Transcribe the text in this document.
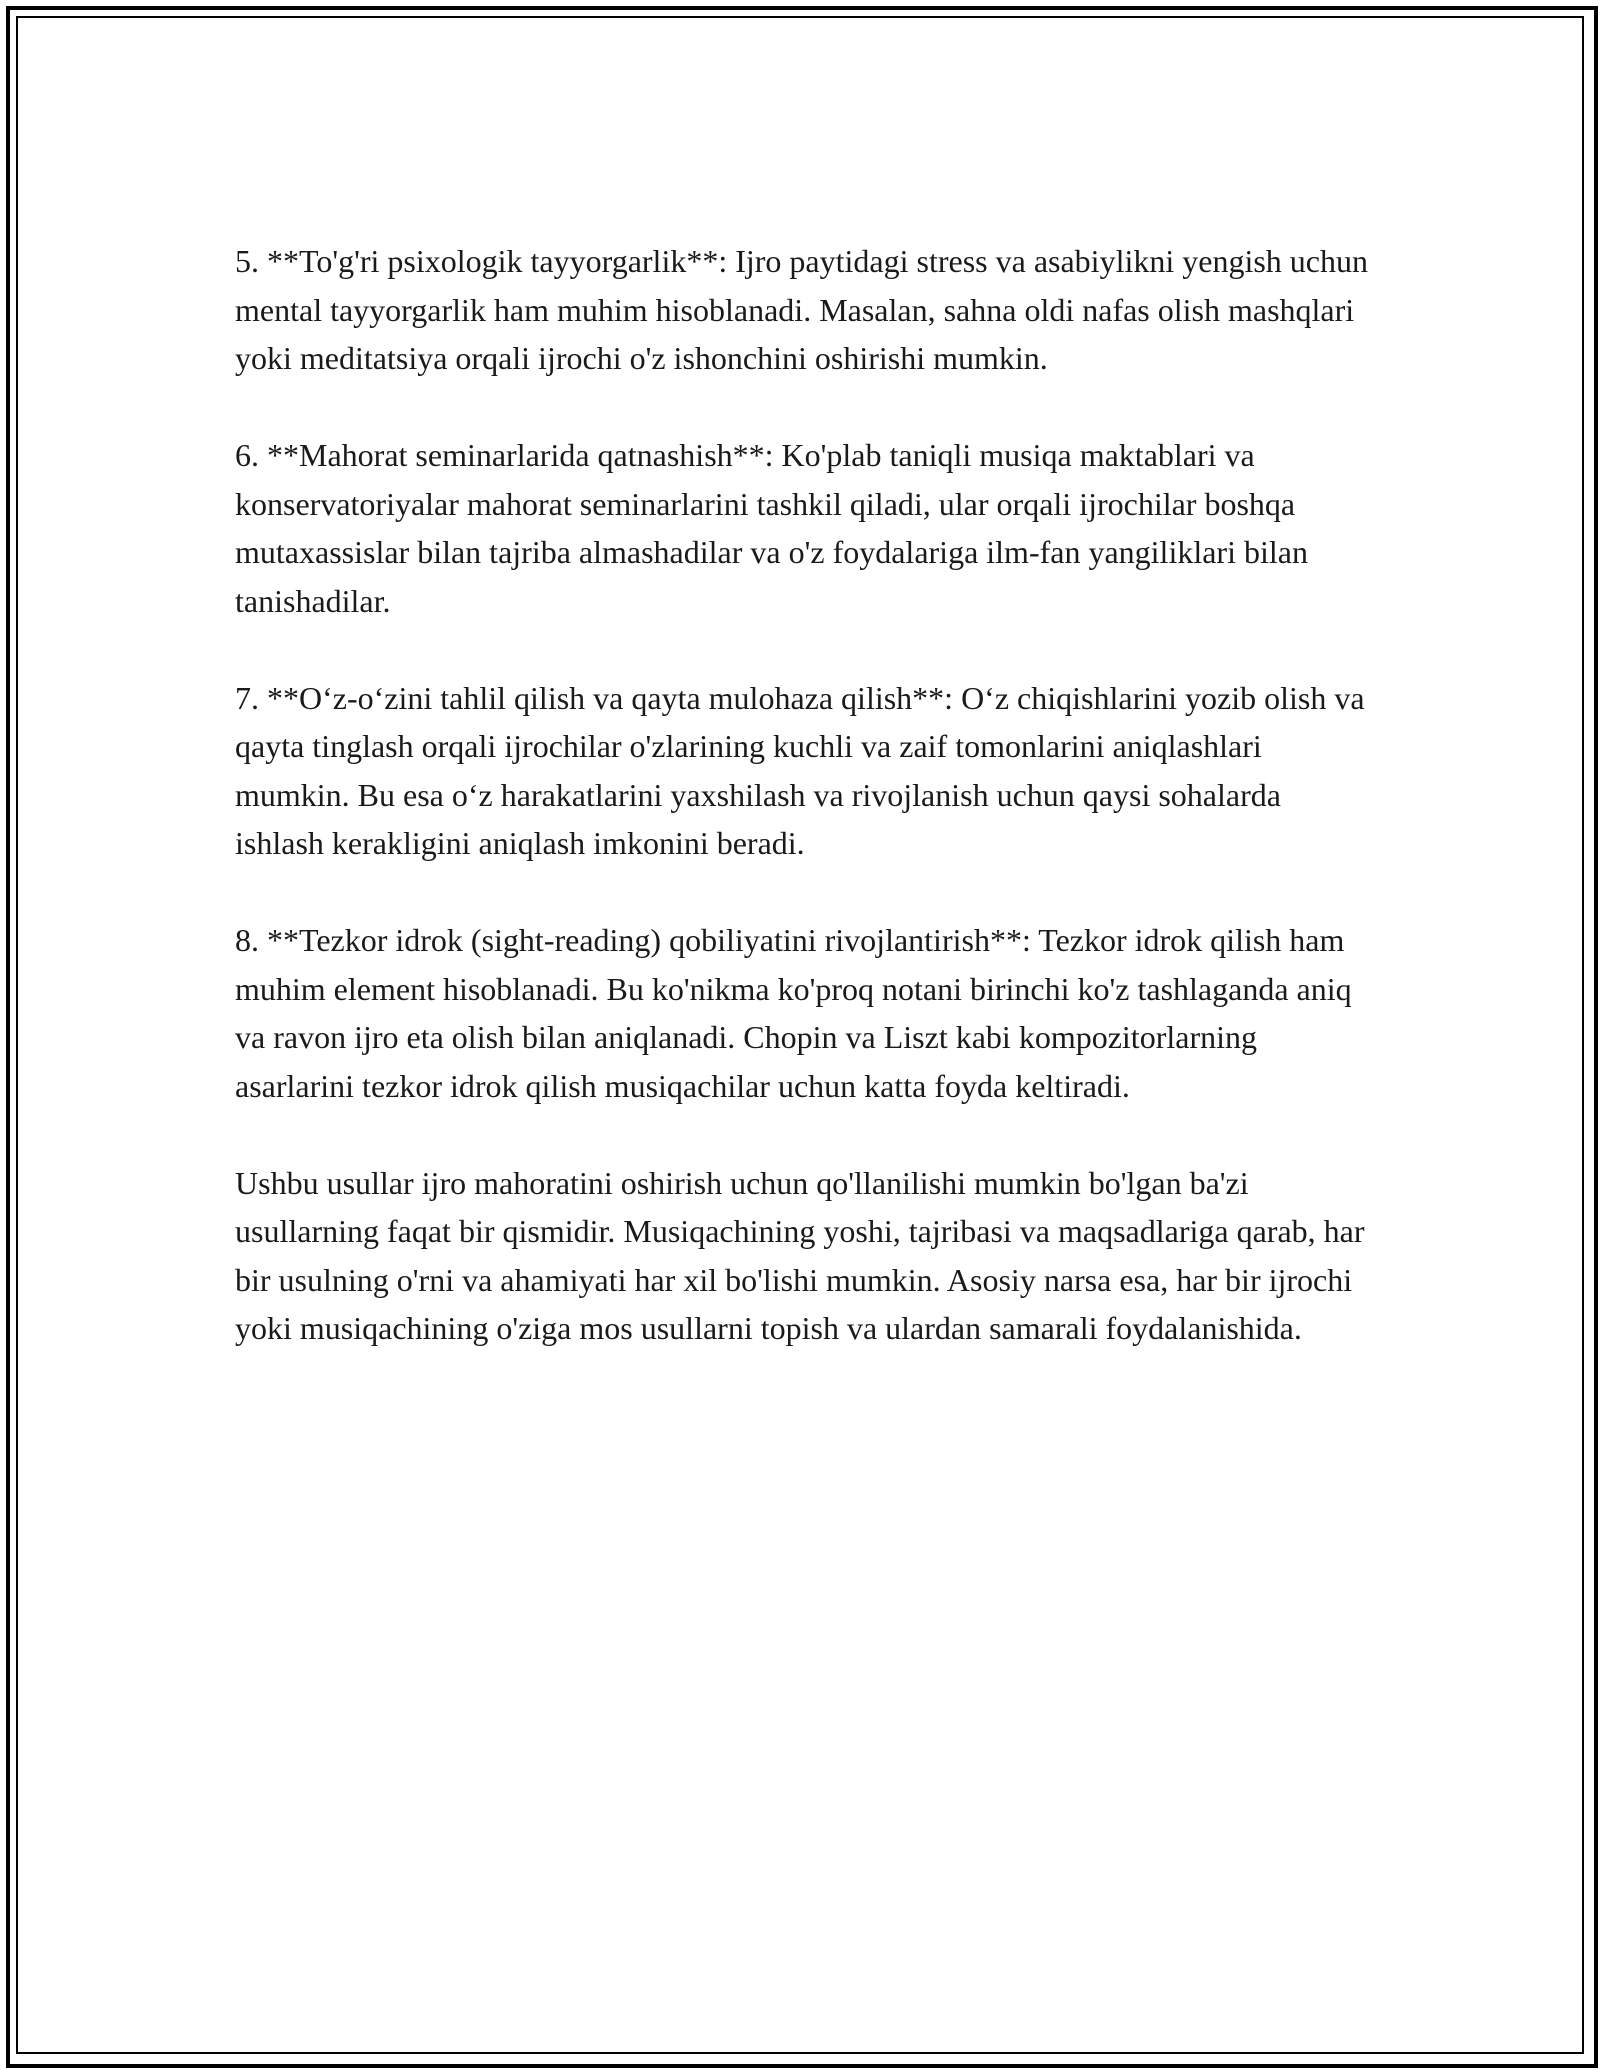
5. **To'g'ri psixologik tayyorgarlik**: Ijro paytidagi stress va asabiylikni yengish uchun mental tayyorgarlik ham muhim hisoblanadi. Masalan, sahna oldi nafas olish mashqlari yoki meditatsiya orqali ijrochi o'z ishonchini oshirishi mumkin.

6. **Mahorat seminarlarida qatnashish**: Ko'plab taniqli musiqa maktablari va konservatoriyalar mahorat seminarlarini tashkil qiladi, ular orqali ijrochilar boshqa mutaxassislar bilan tajriba almashadilar va o'z foydalariga ilm-fan yangiliklari bilan tanishadilar.

7. **O‘z-o‘zini tahlil qilish va qayta mulohaza qilish**: O‘z chiqishlarini yozib olish va qayta tinglash orqali ijrochilar o'zlarining kuchli va zaif tomonlarini aniqlashlari mumkin. Bu esa o‘z harakatlarini yaxshilash va rivojlanish uchun qaysi sohalarda ishlash kerakligini aniqlash imkonini beradi.

8. **Tezkor idrok (sight-reading) qobiliyatini rivojlantirish**: Tezkor idrok qilish ham muhim element hisoblanadi. Bu ko'nikma ko'proq notani birinchi ko'z tashlaganda aniq va ravon ijro eta olish bilan aniqlanadi. Chopin va Liszt kabi kompozitorlarning asarlarini tezkor idrok qilish musiqachilar uchun katta foyda keltiradi.

Ushbu usullar ijro mahoratini oshirish uchun qo'llanilishi mumkin bo'lgan ba'zi usullarning faqat bir qismidir. Musiqachining yoshi, tajribasi va maqsadlariga qarab, har bir usulning o'rni va ahamiyati har xil bo'lishi mumkin. Asosiy narsa esa, har bir ijrochi yoki musiqachining o'ziga mos usullarni topish va ulardan samarali foydalanishida.
